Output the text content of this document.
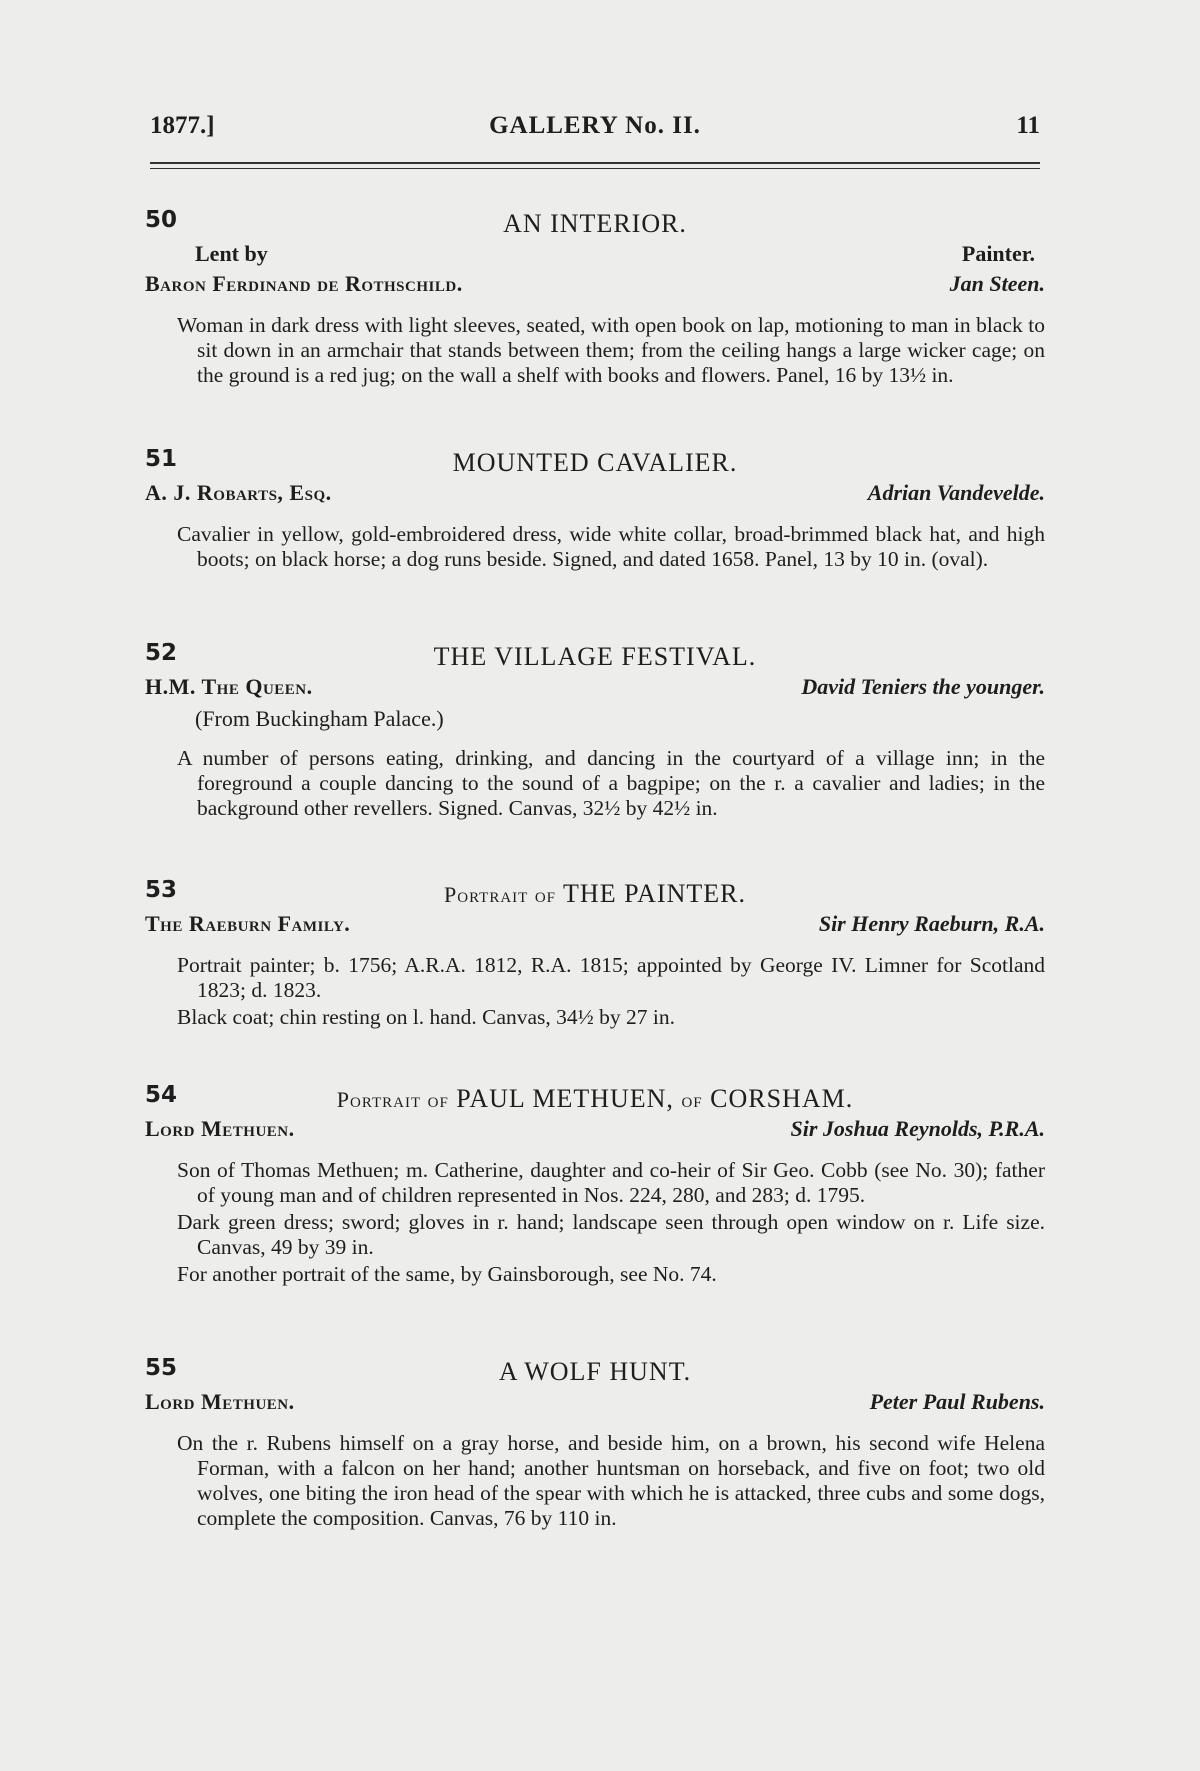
1877.]	GALLERY No. II.	11
50	AN INTERIOR.
Lent by	Painter.
Baron Ferdinand de Rothschild.	Jan Steen.
Woman in dark dress with light sleeves, seated, with open book on lap, motioning to man in black to sit down in an armchair that stands between them; from the ceiling hangs a large wicker cage; on the ground is a red jug; on the wall a shelf with books and flowers. Panel, 16 by 13½ in.
51	MOUNTED CAVALIER.
A. J. Robarts, Esq.	Adrian Vandevelde.
Cavalier in yellow, gold-embroidered dress, wide white collar, broad-brimmed black hat, and high boots; on black horse; a dog runs beside. Signed, and dated 1658. Panel, 13 by 10 in. (oval).
52	THE VILLAGE FESTIVAL.
H.M. The Queen.	David Teniers the younger.
(From Buckingham Palace.)
A number of persons eating, drinking, and dancing in the courtyard of a village inn; in the foreground a couple dancing to the sound of a bagpipe; on the r. a cavalier and ladies; in the background other revellers. Signed. Canvas, 32½ by 42½ in.
53	Portrait of THE PAINTER.
The Raeburn Family.	Sir Henry Raeburn, R.A.
Portrait painter; b. 1756; A.R.A. 1812, R.A. 1815; appointed by George IV. Limner for Scotland 1823; d. 1823.
Black coat; chin resting on l. hand. Canvas, 34½ by 27 in.
54	Portrait of PAUL METHUEN, of CORSHAM.
Lord Methuen.	Sir Joshua Reynolds, P.R.A.
Son of Thomas Methuen; m. Catherine, daughter and co-heir of Sir Geo. Cobb (see No. 30); father of young man and of children represented in Nos. 224, 280, and 283; d. 1795.
Dark green dress; sword; gloves in r. hand; landscape seen through open window on r. Life size. Canvas, 49 by 39 in.
For another portrait of the same, by Gainsborough, see No. 74.
55	A WOLF HUNT.
Lord Methuen.	Peter Paul Rubens.
On the r. Rubens himself on a gray horse, and beside him, on a brown, his second wife Helena Forman, with a falcon on her hand; another huntsman on horseback, and five on foot; two old wolves, one biting the iron head of the spear with which he is attacked, three cubs and some dogs, complete the composition. Canvas, 76 by 110 in.
